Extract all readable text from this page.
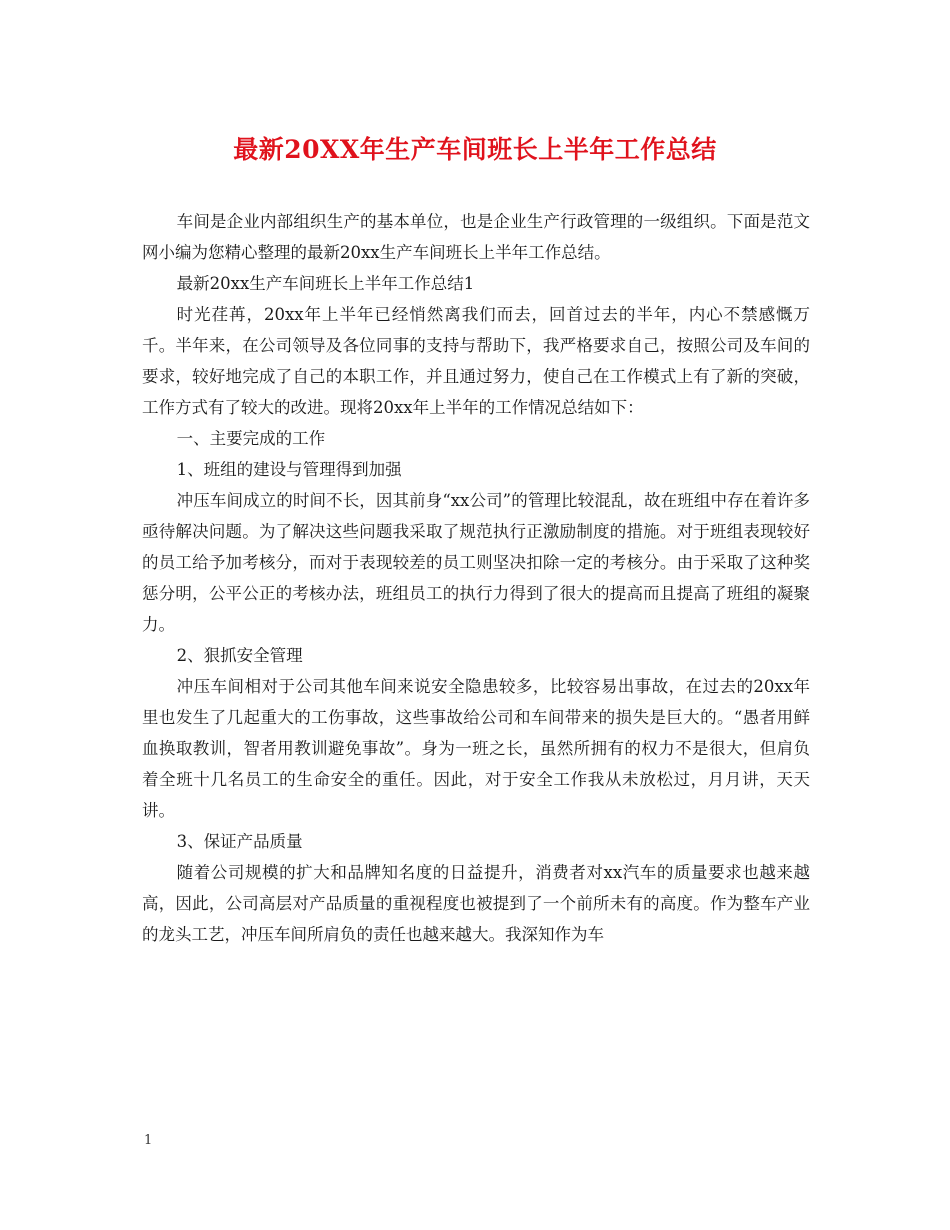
最新20XX年生产车间班长上半年工作总结

车间是企业内部组织生产的基本单位，也是企业生产行政管理的一级组织。下面是范文网小编为您精心整理的最新20xx生产车间班长上半年工作总结。

最新20xx生产车间班长上半年工作总结1

时光荏苒，20xx年上半年已经悄然离我们而去，回首过去的半年，内心不禁感慨万千。半年来，在公司领导及各位同事的支持与帮助下，我严格要求自己，按照公司及车间的要求，较好地完成了自己的本职工作，并且通过努力，使自己在工作模式上有了新的突破，工作方式有了较大的改进。现将20xx年上半年的工作情况总结如下：

一、主要完成的工作

1、班组的建设与管理得到加强

冲压车间成立的时间不长，因其前身“xx公司”的管理比较混乱，故在班组中存在着许多亟待解决问题。为了解决这些问题我采取了规范执行正激励制度的措施。对于班组表现较好的员工给予加考核分，而对于表现较差的员工则坚决扣除一定的考核分。由于采取了这种奖惩分明，公平公正的考核办法，班组员工的执行力得到了很大的提高而且提高了班组的凝聚力。

2、狠抓安全管理

冲压车间相对于公司其他车间来说安全隐患较多，比较容易出事故，在过去的20xx年里也发生了几起重大的工伤事故，这些事故给公司和车间带来的损失是巨大的。“愚者用鲜血换取教训，智者用教训避免事故”。身为一班之长，虽然所拥有的权力不是很大，但肩负着全班十几名员工的生命安全的重任。因此，对于安全工作我从未放松过，月月讲，天天讲。

3、保证产品质量

随着公司规模的扩大和品牌知名度的日益提升，消费者对xx汽车的质量要求也越来越高，因此，公司高层对产品质量的重视程度也被提到了一个前所未有的高度。作为整车产业的龙头工艺，冲压车间所肩负的责任也越来越大。我深知作为车

1
